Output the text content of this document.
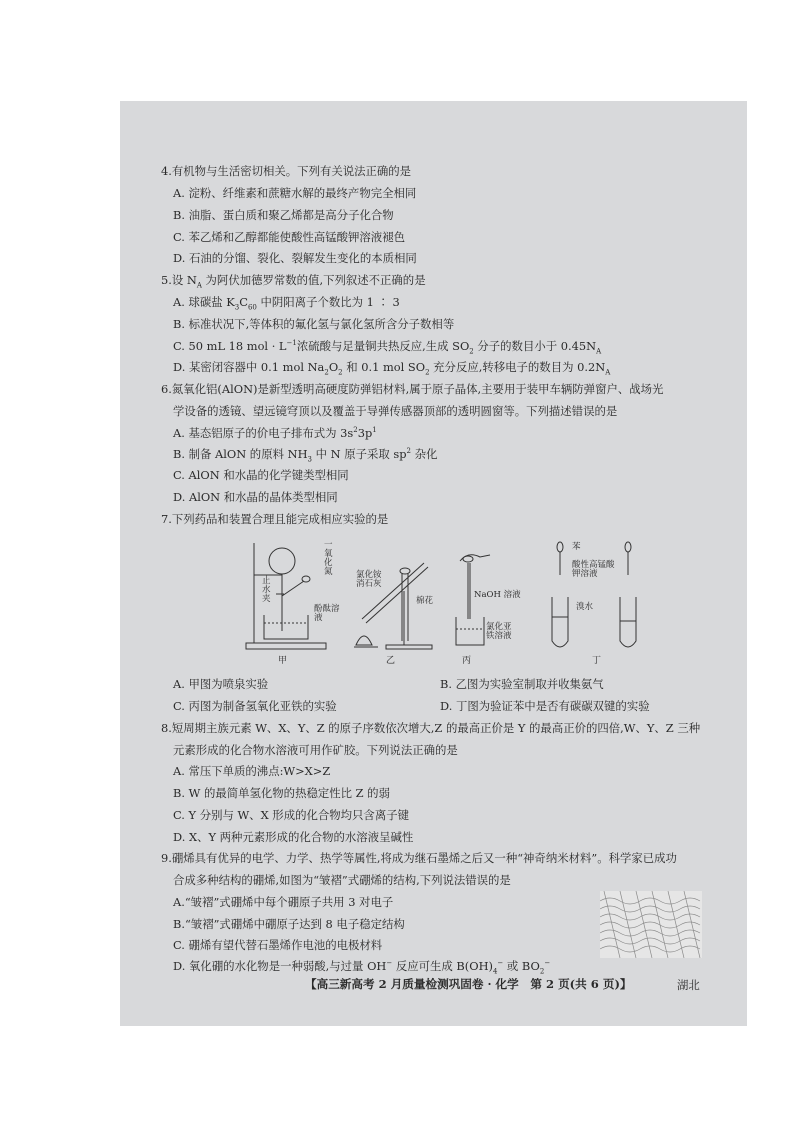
4.有机物与生活密切相关。下列有关说法正确的是
A. 淀粉、纤维素和蔗糖水解的最终产物完全相同
B. 油脂、蛋白质和聚乙烯都是高分子化合物
C. 苯乙烯和乙醇都能使酸性高锰酸钾溶液褪色
D. 石油的分馏、裂化、裂解发生变化的本质相同
5.设 $N_A$ 为阿伏加德罗常数的值,下列叙述不正确的是
A. 球碳盐 $K_3C_{60}$ 中阴阳离子个数比为 1 ∶ 3
B. 标准状况下,等体积的氟化氢与氯化氢所含分子数相等
C. 50 mL 18 mol · $L^{-1}$浓硫酸与足量铜共热反应,生成 $SO_2$ 分子的数目小于 $0.45N_A$
D. 某密闭容器中 0.1 mol $Na_2O_2$ 和 0.1 mol $SO_2$ 充分反应,转移电子的数目为 $0.2N_A$
6.氮氧化铝(AlON)是新型透明高硬度防弹铝材料,属于原子晶体,主要用于装甲车辆防弹窗户、战场光
学设备的透镜、望远镜穹顶以及覆盖于导弹传感器顶部的透明圆窗等。下列描述错误的是
A. 基态铝原子的价电子排布式为 $3s^23p^1$
B. 制备 AlON 的原料 $NH_3$ 中 N 原子采取 $sp^2$ 杂化
C. AlON 和水晶的化学键类型相同
D. AlON 和水晶的晶体类型相同
7.下列药品和装置合理且能完成相应实验的是
一氧化氮
止水夹
酚酞溶液
甲
氯化铵消石灰
棉花
乙
NaOH 溶液
氯化亚铁溶液
丙
苯
酸性高锰酸钾溶液
溴水
丁
A. 甲图为喷泉实验	B. 乙图为实验室制取并收集氨气
C. 丙图为制备氢氧化亚铁的实验	D. 丁图为验证苯中是否有碳碳双键的实验
8.短周期主族元素 W、X、Y、Z 的原子序数依次增大,Z 的最高正价是 Y 的最高正价的四倍,W、Y、Z 三种
元素形成的化合物水溶液可用作矿胶。下列说法正确的是
A. 常压下单质的沸点:W>X>Z
B. W 的最简单氢化物的热稳定性比 Z 的弱
C. Y 分别与 W、X 形成的化合物均只含离子键
D. X、Y 两种元素形成的化合物的水溶液呈碱性
9.硼烯具有优异的电学、力学、热学等属性,将成为继石墨烯之后又一种“神奇纳米材料”。科学家已成功
合成多种结构的硼烯,如图为“皱褶”式硼烯的结构,下列说法错误的是
A.“皱褶”式硼烯中每个硼原子共用 3 对电子
B.“皱褶”式硼烯中硼原子达到 8 电子稳定结构
C. 硼烯有望代替石墨烯作电池的电极材料
D. 氧化硼的水化物是一种弱酸,与过量 OH− 反应可生成 $B(OH)_4^-$ 或 $BO_2^-$
【高三新高考 2 月质量检测巩固卷 · 化学　第 2 页(共 6 页)】	湖北
